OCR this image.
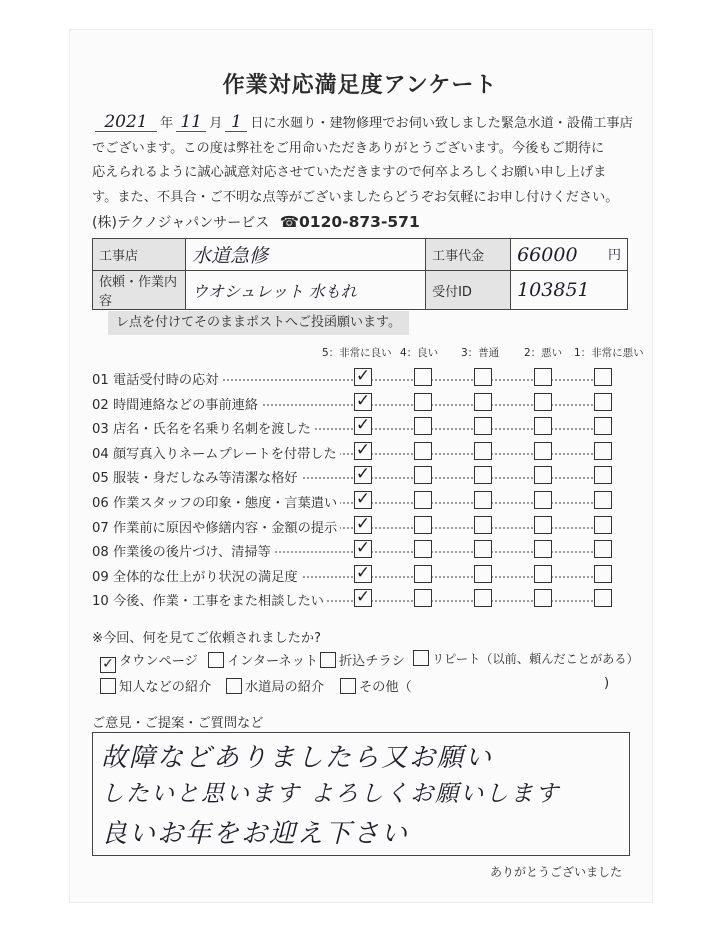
作業対応満足度アンケート
2021 年 11 月 1 日に水廻り・建物修理でお伺い致しました緊急水道・設備工事店
でございます。この度は弊社をご用命いただきありがとうございます。今後もご期待に
応えられるように誠心誠意対応させていただきますので何卒よろしくお願い申し上げま
す。また、不具合・ご不明な点等がございましたらどうぞお気軽にお申し付けください。
(株)テクノジャパンサービス ☎0120-873-571
工事店	水道急修	工事代金	66000 円

依頼・作業内容	ウオシュレット 水もれ	受付ID	103851
レ点を付けてそのままポストへご投函願います。
5：非常に良い 4：良い 3：普通 2：悪い 1：非常に悪い
01 電話受付時の応対	✓
02 時間連絡などの事前連絡	✓
03 店名・氏名を名乗り名刺を渡した	✓
04 顔写真入りネームプレートを付帯した ✓
05 服装・身だしなみ等清潔な格好	✓
06 作業スタッフの印象・態度・言葉遣い ✓
07 作業前に原因や修繕内容・金額の提示 ✓
08 作業後の後片づけ、清掃等	✓
09 全体的な仕上がり状況の満足度	✓
10 今後、作業・工事をまた相談したい ✓
※今回、何を見てご依頼されましたか?
✓ タウンページ	インターネット	折込チラシ	リピート（以前、頼んだことがある）
知人などの紹介	水道局の紹介	その他（	)
ご意見・ご提案・ご質問など
故障などありましたら又お願い
したいと思います よろしくお願いします
良いお年をお迎え下さい
ありがとうございました
